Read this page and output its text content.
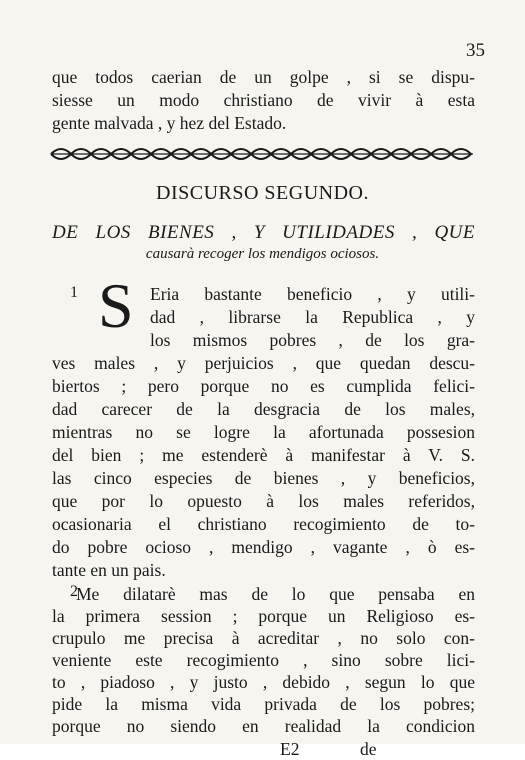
35
que todos caerian de un golpe , si se dispu-
siesse un modo christiano de vivir à esta
gente malvada , y hez del Estado.
DISCURSO SEGUNDO.
DE LOS BIENES , Y UTILIDADES , QUE
causarà recoger los mendigos ociosos.
1 S Eria bastante beneficio , y utili-
dad , librarse la Republica , y
los mismos pobres , de los gra-
ves males , y perjuicios , que quedan descu-
biertos ; pero porque no es cumplida felici-
dad carecer de la desgracia de los males,
mientras no se logre la afortunada possesion
del bien ; me estenderè à manifestar à V. S.
las cinco especies de bienes , y beneficios,
que por lo opuesto à los males referidos,
ocasionaria el christiano recogimiento de to-
do pobre ocioso , mendigo , vagante , ò es-
tante en un pais.
2
Me dilatarè mas de lo que pensaba en
la primera session ; porque un Religioso es-
crupulo me precisa à acreditar , no solo con-
veniente este recogimiento , sino sobre lici-
to , piadoso , y justo , debido , segun lo que
pide la misma vida privada de los pobres;
porque no siendo en realidad la condicion
E2	de
